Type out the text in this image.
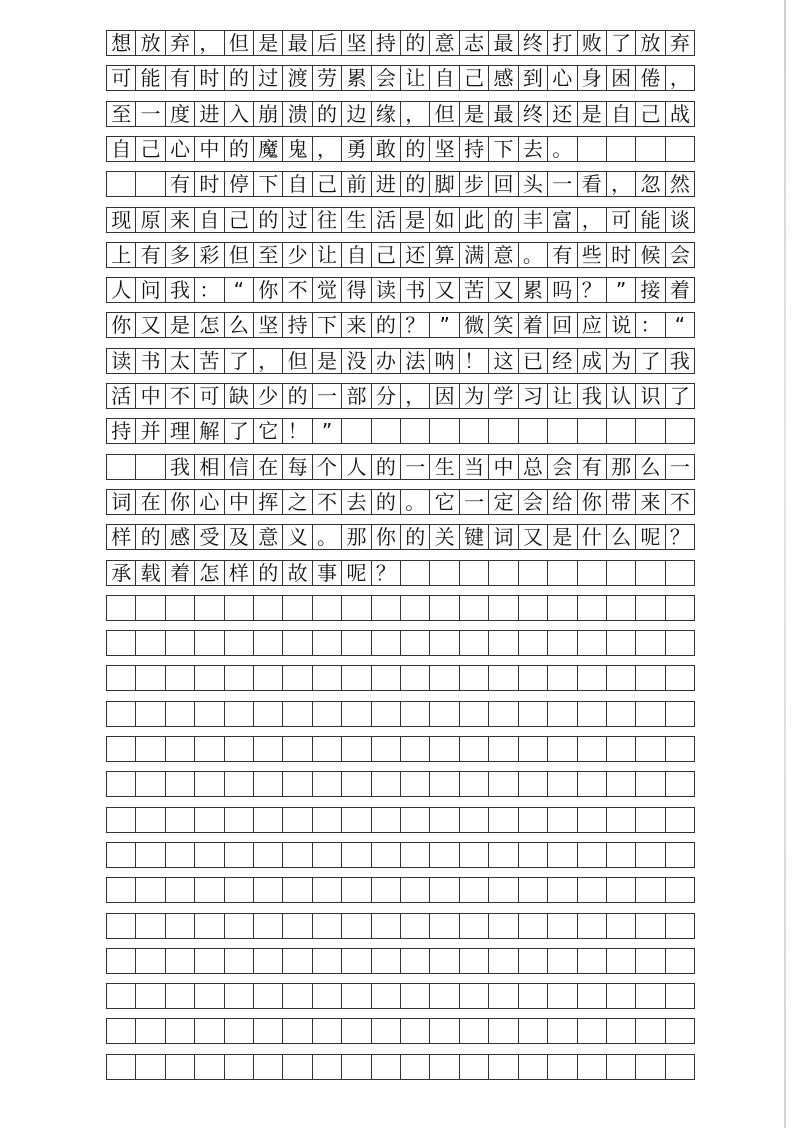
想 放 弃 ， 但 是 最 后 坚 持 的 意 志 最 终 打 败 了 放 弃
可 能 有 时 的 过 渡 劳 累 会 让 自 己 感 到 心 身 困 倦 ，
至 一 度 进 入 崩 溃 的 边 缘 ， 但 是 最 终 还 是 自 己 战
自 己 心 中 的 魔 鬼 ， 勇 敢 的 坚 持 下 去 。
有 时 停 下 自 己 前 进 的 脚 步 回 头 一 看 ， 忽 然
现 原 来 自 己 的 过 往 生 活 是 如 此 的 丰 富 ， 可 能 谈
上 有 多 彩 但 至 少 让 自 己 还 算 满 意 。 有 些 时 候 会
人 问 我 ： “ 你 不 觉 得 读 书 又 苦 又 累 吗 ？ ” 接 着
你 又 是 怎 么 坚 持 下 来 的 ？ ” 微 笑 着 回 应 说 ： “
读 书 太 苦 了 ， 但 是 没 办 法 呐 ！ 这 已 经 成 为 了 我
活 中 不 可 缺 少 的 一 部 分 ， 因 为 学 习 让 我 认 识 了
持 并 理 解 了 它 ！ ”
我 相 信 在 每 个 人 的 一 生 当 中 总 会 有 那 么 一
词 在 你 心 中 挥 之 不 去 的 。 它 一 定 会 给 你 带 来 不
样 的 感 受 及 意 义 。 那 你 的 关 键 词 又 是 什 么 呢 ？
承 载 着 怎 样 的 故 事 呢 ？
